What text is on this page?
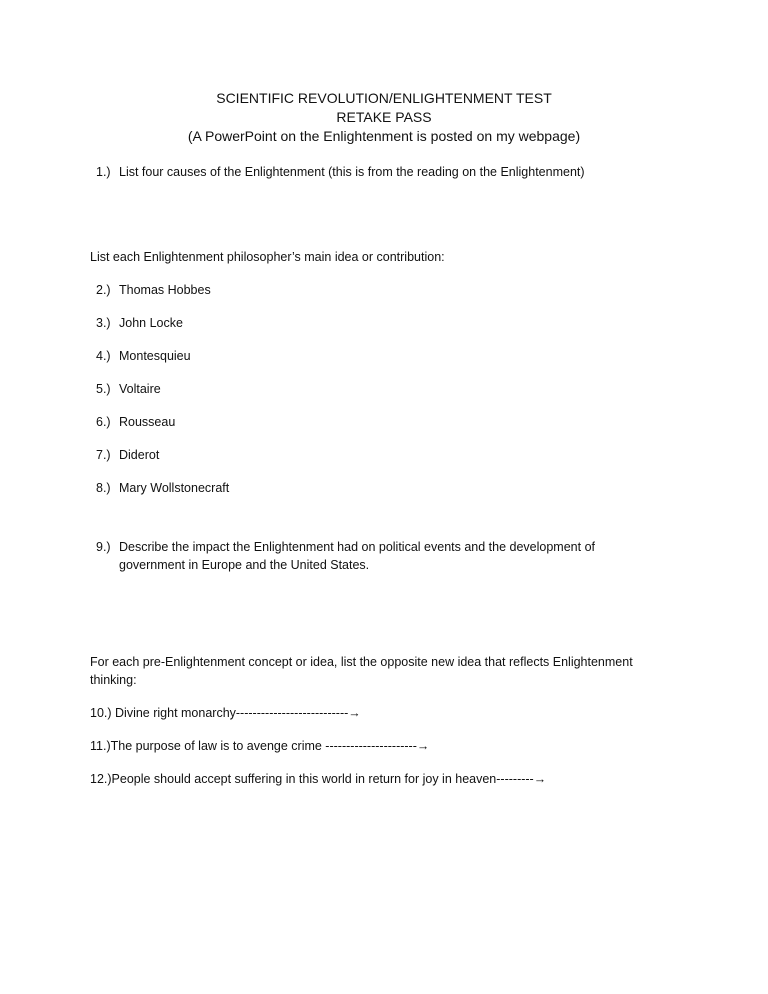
SCIENTIFIC REVOLUTION/ENLIGHTENMENT TEST
RETAKE PASS
(A PowerPoint on the Enlightenment is posted on my webpage)
1.) List four causes of the Enlightenment (this is from the reading on the Enlightenment)
List each Enlightenment philosopher’s main idea or contribution:
2.) Thomas Hobbes
3.) John Locke
4.) Montesquieu
5.) Voltaire
6.) Rousseau
7.) Diderot
8.) Mary Wollstonecraft
9.) Describe the impact the Enlightenment had on political events and the development of
government in Europe and the United States.
For each pre-Enlightenment concept or idea, list the opposite new idea that reflects Enlightenment
thinking:
10.) Divine right monarchy---------------------------→
11.)The purpose of law is to avenge crime ----------------------→
12.)People should accept suffering in this world in return for joy in heaven---------→
